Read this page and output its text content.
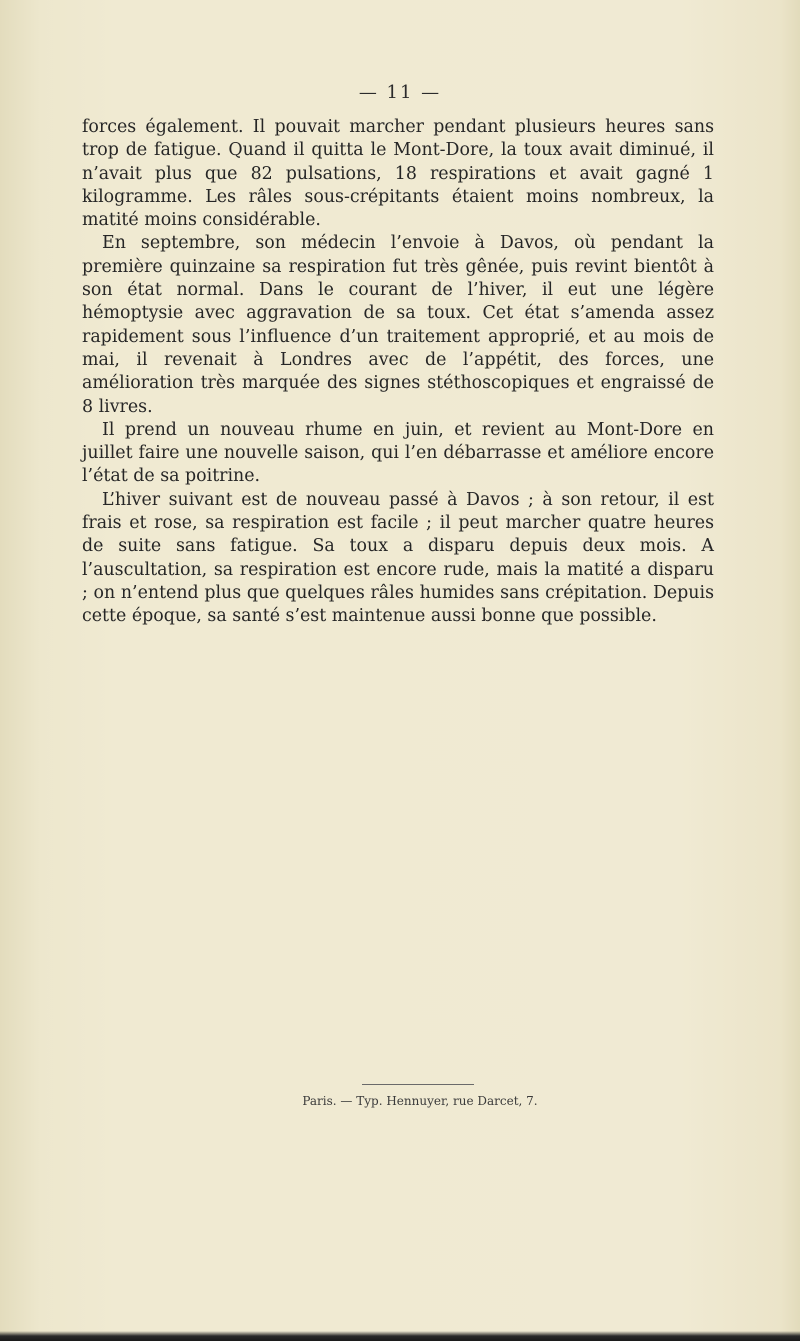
— 11 —

forces également. Il pouvait marcher pendant plusieurs heures sans trop de fatigue. Quand il quitta le Mont-Dore, la toux avait diminué, il n’avait plus que 82 pulsations, 18 respirations et avait gagné 1 kilogramme. Les râles sous-crépitants étaient moins nombreux, la matité moins considérable.

En septembre, son médecin l’envoie à Davos, où pendant la première quinzaine sa respiration fut très gênée, puis revint bientôt à son état normal. Dans le courant de l’hiver, il eut une légère hémoptysie avec aggravation de sa toux. Cet état s’amenda assez rapidement sous l’influence d’un traitement approprié, et au mois de mai, il revenait à Londres avec de l’appétit, des forces, une amélioration très marquée des signes stéthoscopiques et engraissé de 8 livres.

Il prend un nouveau rhume en juin, et revient au Mont-Dore en juillet faire une nouvelle saison, qui l’en débarrasse et améliore encore l’état de sa poitrine.

L’hiver suivant est de nouveau passé à Davos ; à son retour, il est frais et rose, sa respiration est facile ; il peut marcher quatre heures de suite sans fatigue. Sa toux a disparu depuis deux mois. A l’auscultation, sa respiration est encore rude, mais la matité a disparu ; on n’entend plus que quelques râles humides sans crépitation. Depuis cette époque, sa santé s’est maintenue aussi bonne que possible.

Paris. — Typ. Hennuyer, rue Darcet, 7.
